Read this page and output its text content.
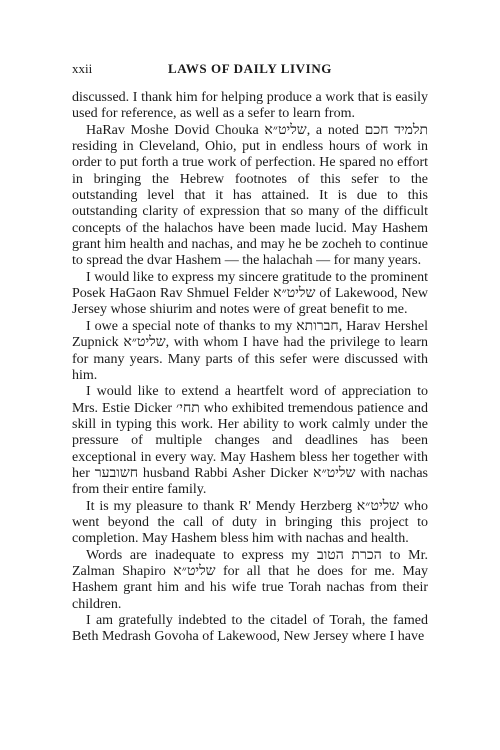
xxii	LAWS OF DAILY LIVING

discussed. I thank him for helping produce a work that is easily used for reference, as well as a sefer to learn from.

HaRav Moshe Dovid Chouka שליט״א, a noted תלמיד חכם residing in Cleveland, Ohio, put in endless hours of work in order to put forth a true work of perfection. He spared no effort in bringing the Hebrew footnotes of this sefer to the outstanding level that it has attained. It is due to this outstanding clarity of expression that so many of the difficult concepts of the halachos have been made lucid. May Hashem grant him health and nachas, and may he be zocheh to continue to spread the dvar Hashem — the halachah — for many years.

I would like to express my sincere gratitude to the prominent Posek HaGaon Rav Shmuel Felder שליט״א of Lakewood, New Jersey whose shiurim and notes were of great benefit to me.

I owe a special note of thanks to my חברותא, Harav Hershel Zupnick שליט״א, with whom I have had the privilege to learn for many years. Many parts of this sefer were discussed with him.

I would like to extend a heartfelt word of appreciation to Mrs. Estie Dicker תחי׳ who exhibited tremendous patience and skill in typing this work. Her ability to work calmly under the pressure of multiple changes and deadlines has been exceptional in every way. May Hashem bless her together with her חשובער husband Rabbi Asher Dicker שליט״א with nachas from their entire family.

It is my pleasure to thank R' Mendy Herzberg שליט״א who went beyond the call of duty in bringing this project to completion. May Hashem bless him with nachas and health.

Words are inadequate to express my הכרת הטוב to Mr. Zalman Shapiro שליט״א for all that he does for me. May Hashem grant him and his wife true Torah nachas from their children.

I am gratefully indebted to the citadel of Torah, the famed Beth Medrash Govoha of Lakewood, New Jersey where I have
